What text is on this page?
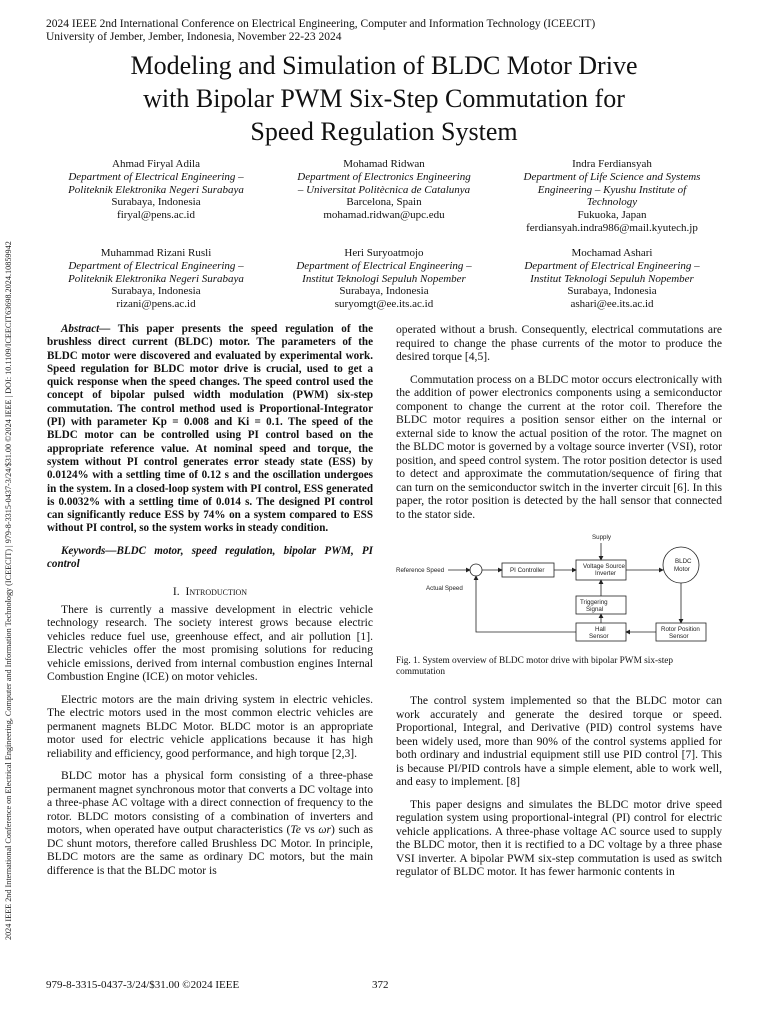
2024 IEEE 2nd International Conference on Electrical Engineering, Computer and Information Technology (ICEECIT)
University of Jember, Jember, Indonesia, November 22-23 2024
2024 IEEE 2nd International Conference on Electrical Engineering, Computer and Information Technology (ICEECIT) | 979-8-3315-0437-3/24/$31.00 ©2024 IEEE | DOI: 10.1109/ICEECIT63698.2024.10859942
Modeling and Simulation of BLDC Motor Drive
with Bipolar PWM Six-Step Commutation for
Speed Regulation System
Ahmad Firyal Adila
Department of Electrical Engineering –
Politeknik Elektronika Negeri Surabaya
Surabaya, Indonesia
firyal@pens.ac.id
Mohamad Ridwan
Department of Electronics Engineering
– Universitat Politècnica de Catalunya
Barcelona, Spain
mohamad.ridwan@upc.edu
Indra Ferdiansyah
Department of Life Science and Systems
Engineering – Kyushu Institute of
Technology
Fukuoka, Japan
ferdiansyah.indra986@mail.kyutech.jp
Muhammad Rizani Rusli
Department of Electrical Engineering –
Politeknik Elektronika Negeri Surabaya
Surabaya, Indonesia
rizani@pens.ac.id
Heri Suryoatmojo
Department of Electrical Engineering –
Institut Teknologi Sepuluh Nopember
Surabaya, Indonesia
suryomgt@ee.its.ac.id
Mochamad Ashari
Department of Electrical Engineering –
Institut Teknologi Sepuluh Nopember
Surabaya, Indonesia
ashari@ee.its.ac.id

Abstract— This paper presents the speed regulation of the brushless direct current (BLDC) motor. The parameters of the BLDC motor were discovered and evaluated by experimental work. Speed regulation for BLDC motor drive is crucial, used to get a quick response when the speed changes. The speed control used the concept of bipolar pulsed width modulation (PWM) six-step commutation. The control method used is Proportional-Integrator (PI) with parameter Kp = 0.008 and Ki = 0.1. The speed of the BLDC motor can be controlled using PI control based on the appropriate reference value. At nominal speed and torque, the system without PI control generates error steady state (ESS) by 0.0124% with a settling time of 0.12 s and the oscillation undergoes in the system. In a closed-loop system with PI control, ESS generated is 0.0032% with a settling time of 0.014 s. The designed PI control can significantly reduce ESS by 74% on a system compared to ESS without PI control, so the system works in steady condition.

Keywords—BLDC motor, speed regulation, bipolar PWM, PI control

I. Introduction

There is currently a massive development in electric vehicle technology research. The society interest grows because electric vehicles reduce fuel use, greenhouse effect, and air pollution [1]. Electric vehicles offer the most promising solutions for reducing vehicle emissions, derived from internal combustion engines Internal Combustion Engine (ICE) on motor vehicles.

Electric motors are the main driving system in electric vehicles. The electric motors used in the most common electric vehicles are permanent magnets BLDC Motor. BLDC motor is an appropriate motor used for electric vehicle applications because it has high reliability and efficiency, good performance, and high torque [2,3].

BLDC motor has a physical form consisting of a three-phase permanent magnet synchronous motor that converts a DC voltage into a three-phase AC voltage with a direct connection of frequency to the rotor. BLDC motors consisting of a combination of inverters and motors, when operated have output characteristics (Te vs ωr) such as DC shunt motors, therefore called Brushless DC Motor. In principle, BLDC motors are the same as ordinary DC motors, but the main difference is that the BLDC motor is

operated without a brush. Consequently, electrical commutations are required to change the phase currents of the motor to produce the desired torque [4,5].

Commutation process on a BLDC motor occurs electronically with the addition of power electronics components using a semiconductor component to change the current at the rotor coil. Therefore the BLDC motor requires a position sensor either on the internal or external side to know the actual position of the rotor. The magnet on the BLDC motor is governed by a voltage source inverter (VSI), rotor position, and speed control system. The rotor position detector is used to detect and approximate the commutation/sequence of firing that can turn on the semiconductor switch in the inverter circuit [6]. In this paper, the rotor position is detected by the hall sensor that connected to the stator side.

Supply
Reference Speed
Actual Speed
PI Controller
Voltage Source
Inverter
BLDC
Motor
Triggering
Signal
Hall
Sensor
Rotor Position
Sensor
Fig. 1. System overview of BLDC motor drive with bipolar PWM six-step commutation

The control system implemented so that the BLDC motor can work accurately and generate the desired torque or speed. Proportional, Integral, and Derivative (PID) control systems have been widely used, more than 90% of the control systems applied for both ordinary and industrial equipment still use PID control [7]. This is because PI/PID controls have a simple element, able to work well, and easy to implement. [8]

This paper designs and simulates the BLDC motor drive speed regulation system using proportional-integral (PI) control for electric vehicle applications. A three-phase voltage AC source used to supply the BLDC motor, then it is rectified to a DC voltage by a three phase VSI inverter. A bipolar PWM six-step commutation is used as switch regulator of BLDC motor. It has fewer harmonic contents in

979-8-3315-0437-3/24/$31.00 ©2024 IEEE	372
